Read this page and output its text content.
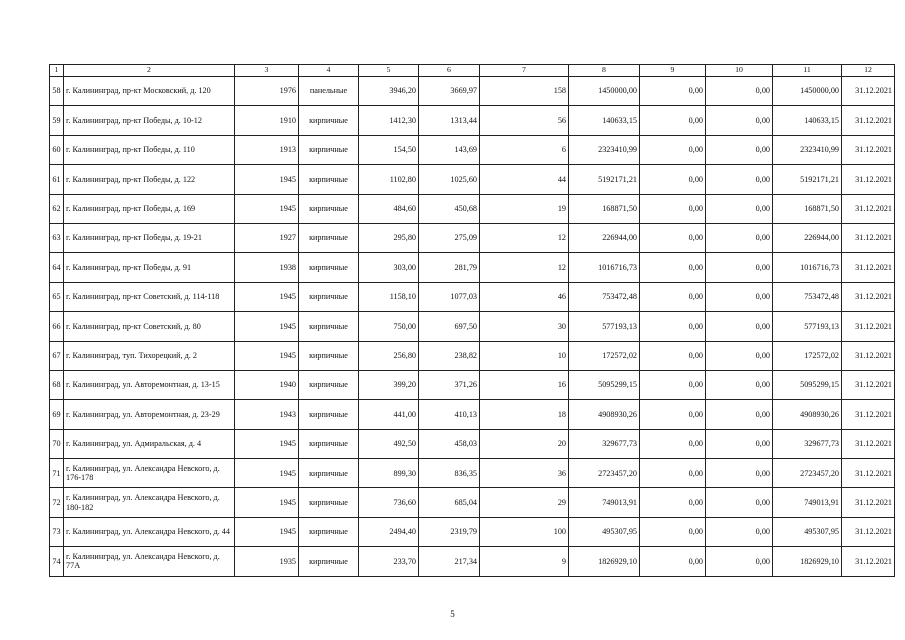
1	2	3	4	5	6	7	8	9	10	11	12
58	г. Калининград, пр-кт Московский, д. 120	1976	панельные	3946,20	3669,97	158	1450000,00	0,00	0,00	1450000,00	31.12.2021
59	г. Калининград, пр-кт Победы, д. 10-12	1910	кирпичные	1412,30	1313,44	56	140633,15	0,00	0,00	140633,15	31.12.2021
60	г. Калининград, пр-кт Победы, д. 110	1913	кирпичные	154,50	143,69	6	2323410,99	0,00	0,00	2323410,99	31.12.2021
61	г. Калининград, пр-кт Победы, д. 122	1945	кирпичные	1102,80	1025,60	44	5192171,21	0,00	0,00	5192171,21	31.12.2021
62	г. Калининград, пр-кт Победы, д. 169	1945	кирпичные	484,60	450,68	19	168871,50	0,00	0,00	168871,50	31.12.2021
63	г. Калининград, пр-кт Победы, д. 19-21	1927	кирпичные	295,80	275,09	12	226944,00	0,00	0,00	226944,00	31.12.2021
64	г. Калининград, пр-кт Победы, д. 91	1938	кирпичные	303,00	281,79	12	1016716,73	0,00	0,00	1016716,73	31.12.2021
65	г. Калининград, пр-кт Советский, д. 114-118	1945	кирпичные	1158,10	1077,03	46	753472,48	0,00	0,00	753472,48	31.12.2021
66	г. Калининград, пр-кт Советский, д. 80	1945	кирпичные	750,00	697,50	30	577193,13	0,00	0,00	577193,13	31.12.2021
67	г. Калининград, туп. Тихорецкий, д. 2	1945	кирпичные	256,80	238,82	10	172572,02	0,00	0,00	172572,02	31.12.2021
68	г. Калининград, ул. Авторемонтная, д. 13-15	1940	кирпичные	399,20	371,26	16	5095299,15	0,00	0,00	5095299,15	31.12.2021
69	г. Калининград, ул. Авторемонтная, д. 23-29	1943	кирпичные	441,00	410,13	18	4908930,26	0,00	0,00	4908930,26	31.12.2021
70	г. Калининград, ул. Адмиральская, д. 4	1945	кирпичные	492,50	458,03	20	329677,73	0,00	0,00	329677,73	31.12.2021
71	г. Калининград, ул. Александра Невского, д. 176-178	1945	кирпичные	899,30	836,35	36	2723457,20	0,00	0,00	2723457,20	31.12.2021
72	г. Калининград, ул. Александра Невского, д. 180-182	1945	кирпичные	736,60	685,04	29	749013,91	0,00	0,00	749013,91	31.12.2021
73	г. Калининград, ул. Александра Невского, д. 44	1945	кирпичные	2494,40	2319,79	100	495307,95	0,00	0,00	495307,95	31.12.2021
74	г. Калининград, ул. Александра Невского, д. 77А	1935	кирпичные	233,70	217,34	9	1826929,10	0,00	0,00	1826929,10	31.12.2021
5
